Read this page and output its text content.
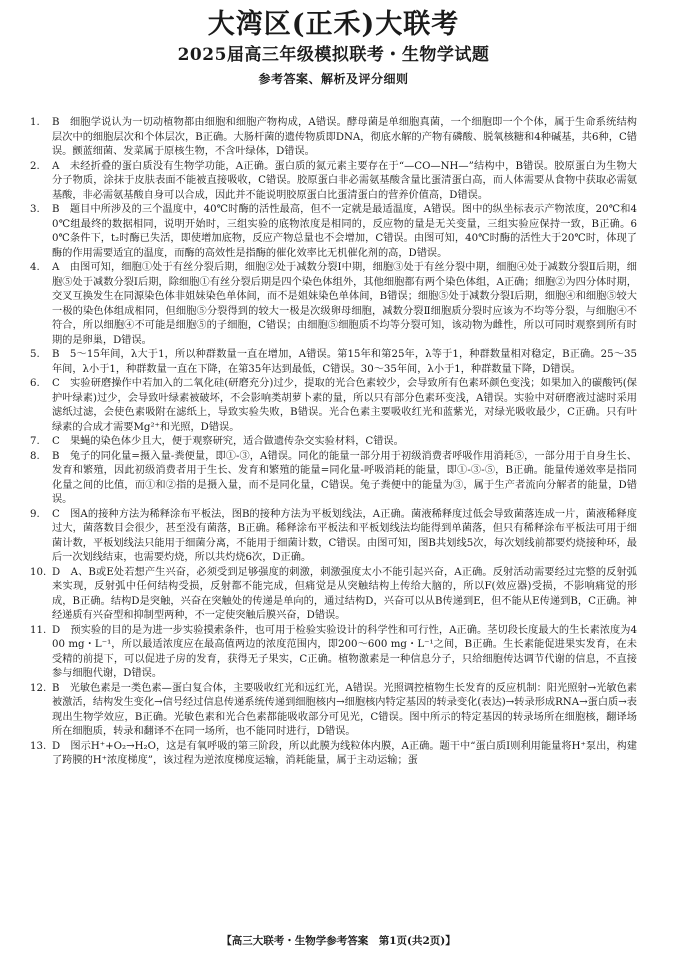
大湾区(正禾)大联考
2025届高三年级模拟联考・生物学试题
参考答案、解析及评分细则

1. B　细胞学说认为一切动植物都由细胞和细胞产物构成，A错误。酵母菌是单细胞真菌，一个细胞即一个个体，属于生命系统结构层次中的细胞层次和个体层次，B正确。大肠杆菌的遗传物质即DNA，彻底水解的产物有磷酸、脱氧核糖和4种碱基，共6种，C错误。颤蓝细菌、发菜属于原核生物，不含叶绿体，D错误。

2. A　未经折叠的蛋白质没有生物学功能，A正确。蛋白质的氮元素主要存在于“—CO—NH—”结构中，B错误。胶原蛋白为生物大分子物质，涂抹于皮肤表面不能被直接吸收，C错误。胶原蛋白非必需氨基酸含量比蛋清蛋白高，而人体需要从食物中获取必需氨基酸，非必需氨基酸自身可以合成，因此并不能说明胶原蛋白比蛋清蛋白的营养价值高，D错误。

3. B　题目中所涉及的三个温度中，40℃时酶的活性最高，但不一定就是最适温度，A错误。图中的纵坐标表示产物浓度，20℃和40℃组最终的数据相同，说明开始时，三组实验的底物浓度是相同的，反应物的量是无关变量，三组实验应保持一致，B正确。60℃条件下，t₂时酶已失活，即使增加底物，反应产物总量也不会增加，C错误。由图可知，40℃时酶的活性大于20℃时，体现了酶的作用需要适宜的温度，而酶的高效性是指酶的催化效率比无机催化剂的高，D错误。

4. A　由图可知，细胞①处于有丝分裂后期，细胞②处于减数分裂Ⅰ中期，细胞③处于有丝分裂中期，细胞④处于减数分裂Ⅱ后期，细胞⑤处于减数分裂Ⅰ后期，除细胞①有丝分裂后期是四个染色体组外，其他细胞都有两个染色体组，A正确；细胞②为四分体时期，交叉互换发生在同源染色体非姐妹染色单体间，而不是姐妹染色单体间，B错误；细胞⑤处于减数分裂Ⅰ后期，细胞④和细胞⑤较大一极的染色体组成相同，但细胞⑤分裂得到的较大一极是次级卵母细胞，减数分裂Ⅱ细胞质分裂时应该为不均等分裂，与细胞④不符合，所以细胞④不可能是细胞⑤的子细胞，C错误；由细胞⑤细胞质不均等分裂可知，该动物为雌性，所以可同时观察到所有时期的是卵巢，D错误。

5. B　5～15年间，λ大于1，所以种群数量一直在增加，A错误。第15年和第25年，λ等于1，种群数量相对稳定，B正确。25～35年间，λ小于1，种群数量一直在下降，在第35年达到最低，C错误。30～35年间，λ小于1，种群数量下降，D错误。

6. C　实验研磨操作中若加入的二氧化硅(研磨充分)过少，提取的光合色素较少，会导致所有色素环颜色变浅；如果加入的碳酸钙(保护叶绿素)过少，会导致叶绿素被破坏，不会影响类胡萝卜素的量，所以只有部分色素环变浅，A错误。实验中对研磨液过滤时采用滤纸过滤，会使色素吸附在滤纸上，导致实验失败，B错误。光合色素主要吸收红光和蓝紫光，对绿光吸收最少，C正确。只有叶绿素的合成才需要Mg²⁺和光照，D错误。

7. C　果蝇的染色体少且大，便于观察研究，适合做遗传杂交实验材料，C错误。

8. B　兔子的同化量=摄入量-粪便量，即①-③，A错误。同化的能量一部分用于初级消费者呼吸作用消耗⑤，一部分用于自身生长、发育和繁殖，因此初级消费者用于生长、发育和繁殖的能量=同化量-呼吸消耗的能量，即①-③-⑤，B正确。能量传递效率是指同化量之间的比值，而①和②指的是摄入量，而不是同化量，C错误。兔子粪便中的能量为③，属于生产者流向分解者的能量，D错误。

9. C　图A的接种方法为稀释涂布平板法，图B的接种方法为平板划线法，A正确。菌液稀释度过低会导致菌落连成一片，菌液稀释度过大，菌落数目会很少，甚至没有菌落，B正确。稀释涂布平板法和平板划线法均能得到单菌落，但只有稀释涂布平板法可用于细菌计数，平板划线法只能用于细菌分离，不能用于细菌计数，C错误。由图可知，图B共划线5次，每次划线前都要灼烧接种环，最后一次划线结束，也需要灼烧，所以共灼烧6次，D正确。

10. D　A、B或E处若想产生兴奋，必须受到足够强度的刺激，刺激强度太小不能引起兴奋，A正确。反射活动需要经过完整的反射弧来实现，反射弧中任何结构受损，反射都不能完成，但痛觉是从突触结构上传给大脑的，所以F(效应器)受损，不影响痛觉的形成，B正确。结构D是突触，兴奋在突触处的传递是单向的，通过结构D，兴奋可以从B传递到E，但不能从E传递到B，C正确。神经递质有兴奋型和抑制型两种，不一定使突触后膜兴奋，D错误。

11. D　预实验的目的是为进一步实验摸索条件，也可用于检验实验设计的科学性和可行性，A正确。茎切段长度最大的生长素浓度为400 mg・L⁻¹，所以最适浓度应在最高值两边的浓度范围内，即200～600 mg・L⁻¹之间，B正确。生长素能促进果实发育，在未受精的前提下，可以促进子房的发育，获得无子果实，C正确。植物激素是一种信息分子，只给细胞传达调节代谢的信息，不直接参与细胞代谢，D错误。

12. B　光敏色素是一类色素—蛋白复合体，主要吸收红光和远红光，A错误。光照调控植物生长发育的反应机制：阳光照射→光敏色素被激活，结构发生变化→信号经过信息传递系统传递到细胞核内→细胞核内特定基因的转录变化(表达)→转录形成RNA→蛋白质→表现出生物学效应，B正确。光敏色素和光合色素都能吸收部分可见光，C错误。图中所示的特定基因的转录场所在细胞核，翻译场所在细胞质，转录和翻译不在同一场所，也不能同时进行，D错误。

13. D　图示H⁺+O₂→H₂O，这是有氧呼吸的第三阶段，所以此膜为线粒体内膜，A正确。题干中“蛋白质Ⅰ则利用能量将H⁺泵出，构建了跨膜的H⁺浓度梯度”，该过程为逆浓度梯度运输，消耗能量，属于主动运输；蛋

【高三大联考・生物学参考答案　第1页(共2页)】
